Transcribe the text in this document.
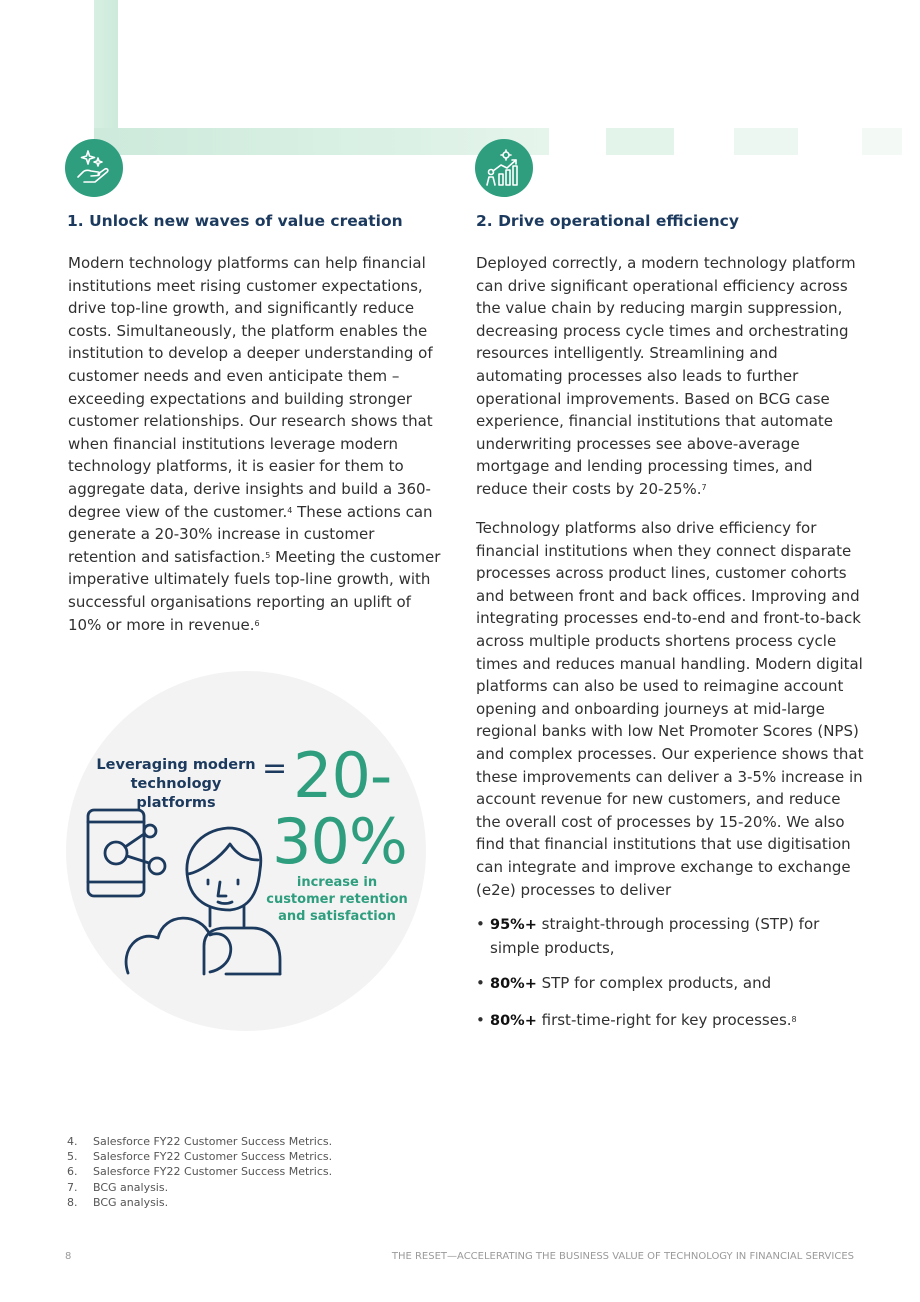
1. Unlock new waves of value creation

Modern technology platforms can help financial institutions meet rising customer expectations, drive top-line growth, and significantly reduce costs. Simultaneously, the platform enables the institution to develop a deeper understanding of customer needs and even anticipate them – exceeding expectations and building stronger customer relationships. Our research shows that when financial institutions leverage modern technology platforms, it is easier for them to aggregate data, derive insights and build a 360-degree view of the customer.$^4$ These actions can generate a 20-30% increase in customer retention and satisfaction.$^5$ Meeting the customer imperative ultimately fuels top-line growth, with successful organisations reporting an uplift of 10% or more in revenue.$^6$

Leveraging modern technology platforms
= 20-
30%
increase in customer retention and satisfaction
2. Drive operational efficiency

Deployed correctly, a modern technology platform can drive significant operational efficiency across the value chain by reducing margin suppression, decreasing process cycle times and orchestrating resources intelligently. Streamlining and automating processes also leads to further operational improvements. Based on BCG case experience, financial institutions that automate underwriting processes see above-average mortgage and lending processing times, and reduce their costs by 20-25%.$^7$

Technology platforms also drive efficiency for financial institutions when they connect disparate processes across product lines, customer cohorts and between front and back offices. Improving and integrating processes end-to-end and front-to-back across multiple products shortens process cycle times and reduces manual handling. Modern digital platforms can also be used to reimagine account opening and onboarding journeys at mid-large regional banks with low Net Promoter Scores (NPS) and complex processes. Our experience shows that these improvements can deliver a 3-5% increase in account revenue for new customers, and reduce the overall cost of processes by 15-20%. We also find that financial institutions that use digitisation can integrate and improve exchange to exchange (e2e) processes to deliver

• 95%+ straight-through processing (STP) for simple products,
• 80%+ STP for complex products, and
• 80%+ first-time-right for key processes.$^8$
4. Salesforce FY22 Customer Success Metrics.
5. Salesforce FY22 Customer Success Metrics.
6. Salesforce FY22 Customer Success Metrics.
7. BCG analysis.
8. BCG analysis.
8	THE RESET—ACCELERATING THE BUSINESS VALUE OF TECHNOLOGY IN FINANCIAL SERVICES
